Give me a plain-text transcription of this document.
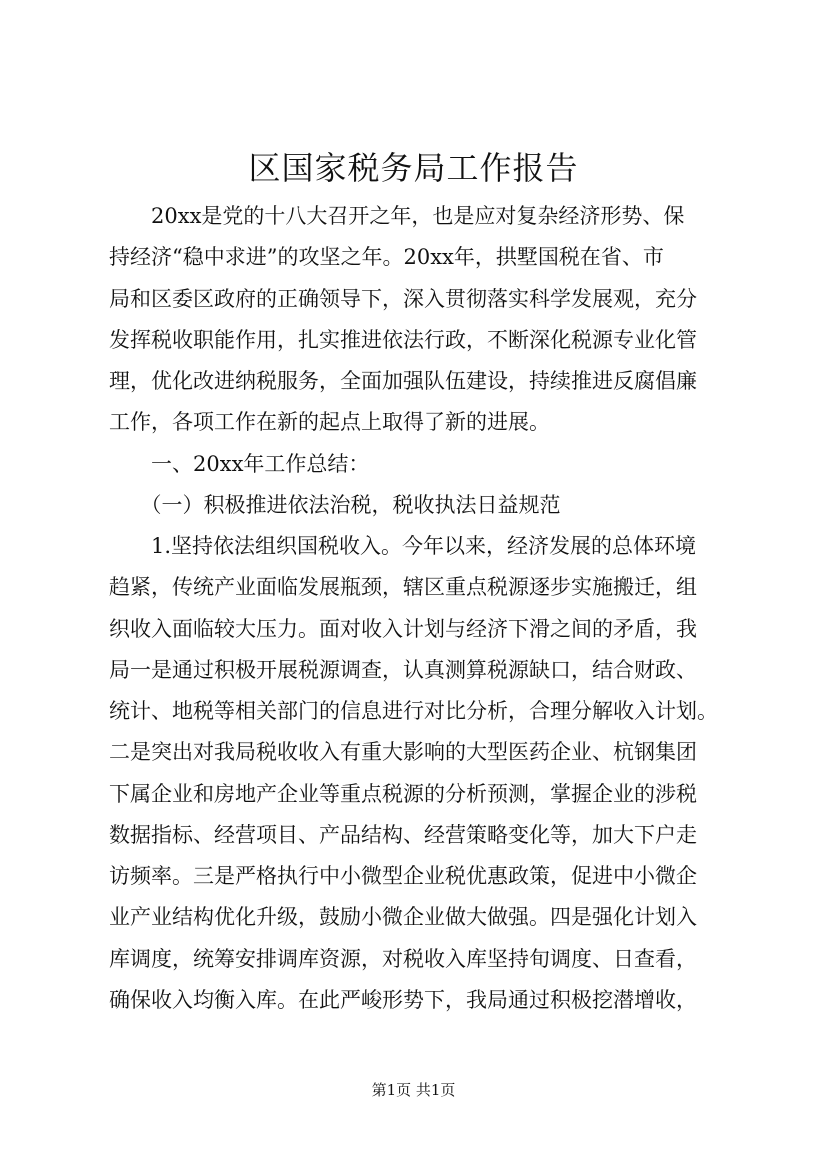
区国家税务局工作报告
　　20xx是党的十八大召开之年，也是应对复杂经济形势、保
持经济“稳中求进”的攻坚之年。20xx年，拱墅国税在省、市
局和区委区政府的正确领导下，深入贯彻落实科学发展观，充分
发挥税收职能作用，扎实推进依法行政，不断深化税源专业化管
理，优化改进纳税服务，全面加强队伍建设，持续推进反腐倡廉
工作，各项工作在新的起点上取得了新的进展。
　　一、20xx年工作总结：
　　（一）积极推进依法治税，税收执法日益规范
　　1.坚持依法组织国税收入。今年以来，经济发展的总体环境
趋紧，传统产业面临发展瓶颈，辖区重点税源逐步实施搬迁，组
织收入面临较大压力。面对收入计划与经济下滑之间的矛盾，我
局一是通过积极开展税源调查，认真测算税源缺口，结合财政、
统计、地税等相关部门的信息进行对比分析，合理分解收入计划。
二是突出对我局税收收入有重大影响的大型医药企业、杭钢集团
下属企业和房地产企业等重点税源的分析预测，掌握企业的涉税
数据指标、经营项目、产品结构、经营策略变化等，加大下户走
访频率。三是严格执行中小微型企业税优惠政策，促进中小微企
业产业结构优化升级，鼓励小微企业做大做强。四是强化计划入
库调度，统筹安排调库资源，对税收入库坚持旬调度、日查看，
确保收入均衡入库。在此严峻形势下，我局通过积极挖潜增收，
第1页 共1页
